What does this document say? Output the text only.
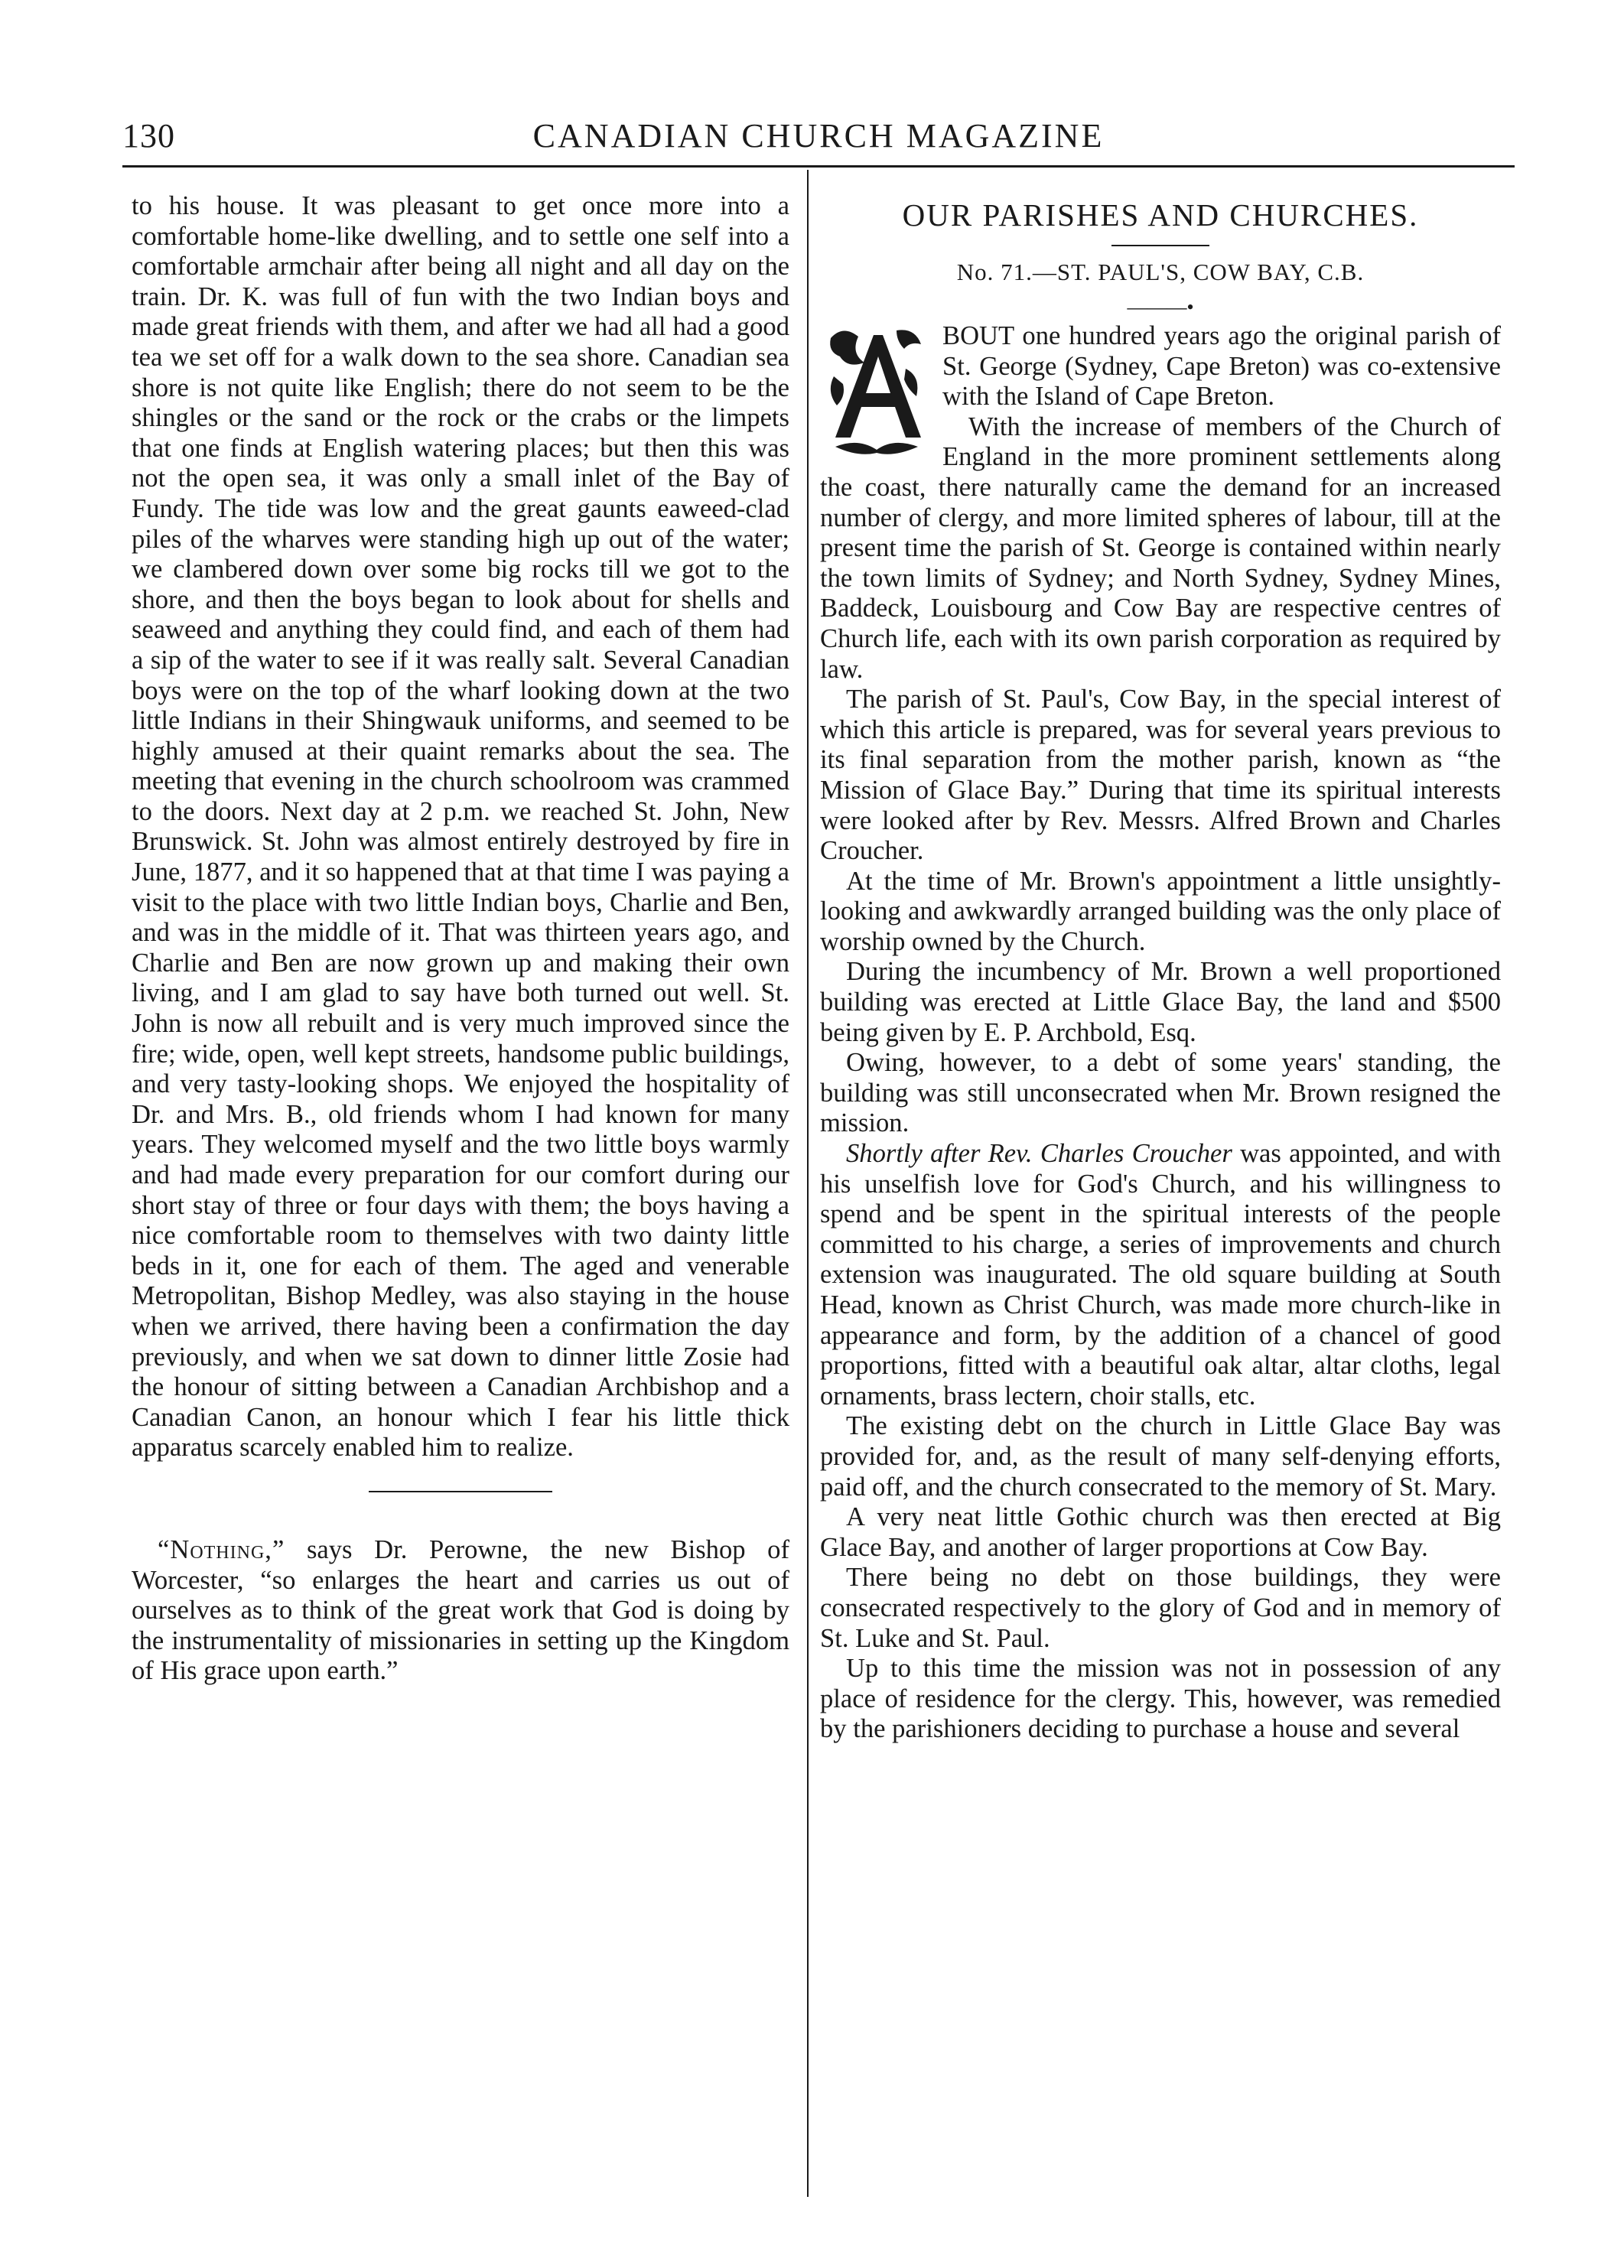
130	CANADIAN CHURCH MAGAZINE

to his house. It was pleasant to get once more into a comfortable home-like dwelling, and to settle one self into a comfortable armchair after being all night and all day on the train. Dr. K. was full of fun with the two Indian boys and made great friends with them, and after we had all had a good tea we set off for a walk down to the sea shore. Canadian sea shore is not quite like English; there do not seem to be the shingles or the sand or the rock or the crabs or the limpets that one finds at English watering places; but then this was not the open sea, it was only a small inlet of the Bay of Fundy. The tide was low and the great gaunts eaweed-clad piles of the wharves were standing high up out of the water; we clambered down over some big rocks till we got to the shore, and then the boys began to look about for shells and seaweed and anything they could find, and each of them had a sip of the water to see if it was really salt. Several Canadian boys were on the top of the wharf looking down at the two little Indians in their Shingwauk uniforms, and seemed to be highly amused at their quaint remarks about the sea. The meeting that evening in the church schoolroom was crammed to the doors. Next day at 2 p.m. we reached St. John, New Brunswick. St. John was almost entirely destroyed by fire in June, 1877, and it so happened that at that time I was paying a visit to the place with two little Indian boys, Charlie and Ben, and was in the middle of it. That was thirteen years ago, and Charlie and Ben are now grown up and making their own living, and I am glad to say have both turned out well. St. John is now all rebuilt and is very much improved since the fire; wide, open, well kept streets, handsome public buildings, and very tasty-looking shops. We enjoyed the hospitality of Dr. and Mrs. B., old friends whom I had known for many years. They welcomed myself and the two little boys warmly and had made every preparation for our comfort during our short stay of three or four days with them; the boys having a nice comfortable room to themselves with two dainty little beds in it, one for each of them. The aged and venerable Metropolitan, Bishop Medley, was also staying in the house when we arrived, there having been a confirmation the day previously, and when we sat down to dinner little Zosie had the honour of sitting between a Canadian Archbishop and a Canadian Canon, an honour which I fear his little thick apparatus scarcely enabled him to realize.

“Nothing,” says Dr. Perowne, the new Bishop of Worcester, “so enlarges the heart and carries us out of ourselves as to think of the great work that God is doing by the instrumentality of missionaries in setting up the Kingdom of His grace upon earth.”

OUR PARISHES AND CHURCHES.
No. 71.—ST. PAUL'S, COW BAY, C.B.
———•

BOUT one hundred years ago the original parish of St. George (Sydney, Cape Breton) was co-extensive with the Island of Cape Breton.

With the increase of members of the Church of England in the more prominent settlements along the coast, there naturally came the demand for an increased number of clergy, and more limited spheres of labour, till at the present time the parish of St. George is contained within nearly the town limits of Sydney; and North Sydney, Sydney Mines, Baddeck, Louisbourg and Cow Bay are respective centres of Church life, each with its own parish corporation as required by law.

The parish of St. Paul's, Cow Bay, in the special interest of which this article is prepared, was for several years previous to its final separation from the mother parish, known as “the Mission of Glace Bay.” During that time its spiritual interests were looked after by Rev. Messrs. Alfred Brown and Charles Croucher.

At the time of Mr. Brown's appointment a little unsightly-looking and awkwardly arranged building was the only place of worship owned by the Church.

During the incumbency of Mr. Brown a well proportioned building was erected at Little Glace Bay, the land and $500 being given by E. P. Archbold, Esq.

Owing, however, to a debt of some years' standing, the building was still unconsecrated when Mr. Brown resigned the mission.

Shortly after Rev. Charles Croucher was appointed, and with his unselfish love for God's Church, and his willingness to spend and be spent in the spiritual interests of the people committed to his charge, a series of improvements and church extension was inaugurated. The old square building at South Head, known as Christ Church, was made more church-like in appearance and form, by the addition of a chancel of good proportions, fitted with a beautiful oak altar, altar cloths, legal ornaments, brass lectern, choir stalls, etc.

The existing debt on the church in Little Glace Bay was provided for, and, as the result of many self-denying efforts, paid off, and the church consecrated to the memory of St. Mary.

A very neat little Gothic church was then erected at Big Glace Bay, and another of larger proportions at Cow Bay.

There being no debt on those buildings, they were consecrated respectively to the glory of God and in memory of St. Luke and St. Paul.

Up to this time the mission was not in possession of any place of residence for the clergy. This, however, was remedied by the parishioners deciding to purchase a house and several
